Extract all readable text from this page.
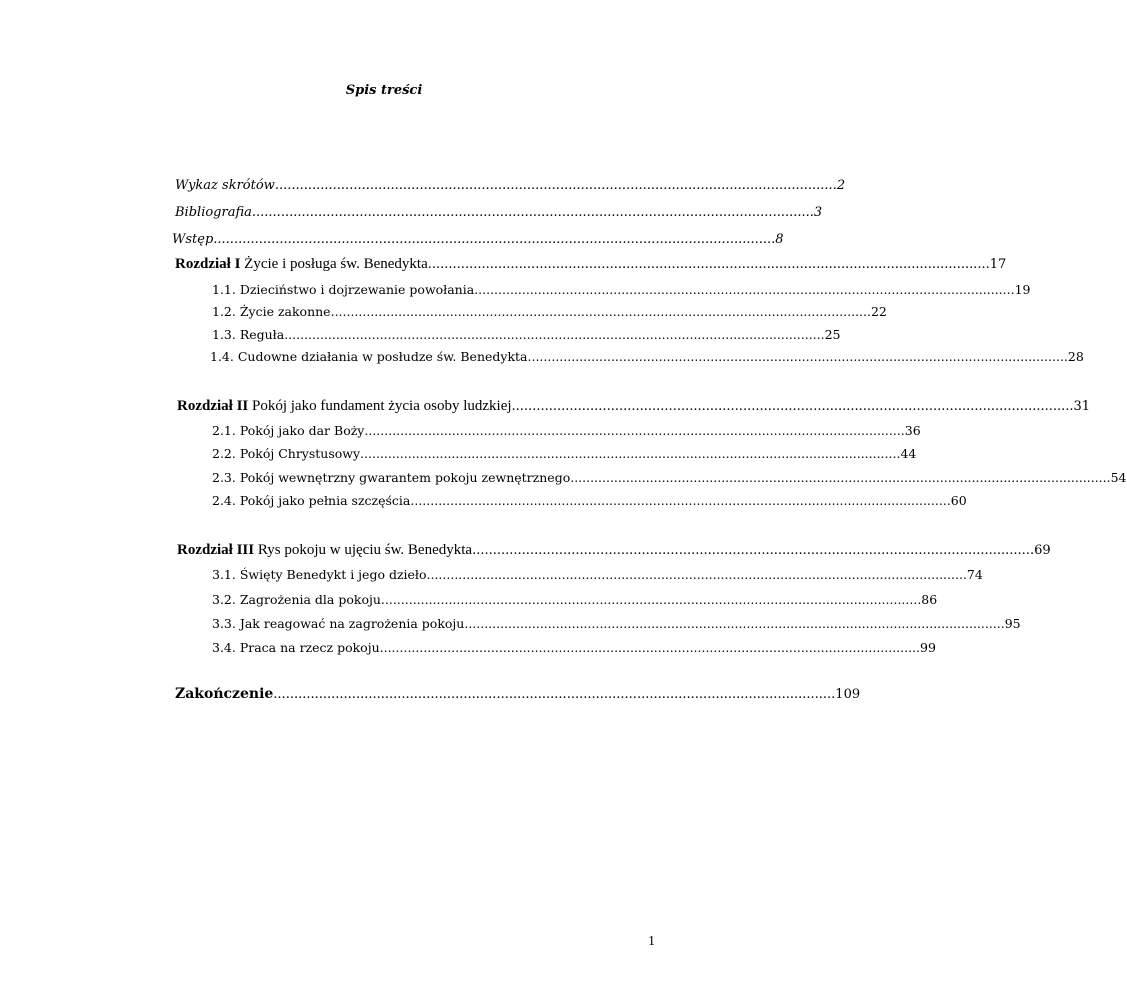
Spis treści
Wykaz skrótów ........................................................................................................................................ 2
Bibliografia ........................................................................................................................................ 3
Wstęp ........................................................................................................................................ 8
Rozdział I Życie i posługa św. Benedykta ........................................................................................................................................ 17
1.1. Dzieciństwo i dojrzewanie powołania ........................................................................................................................................ 19
1.2. Życie zakonne ........................................................................................................................................ 22
1.3. Reguła ........................................................................................................................................ 25
1.4. Cudowne działania w posłudze św. Benedykta ........................................................................................................................................ 28
Rozdział II Pokój jako fundament życia osoby ludzkiej ........................................................................................................................................ 31
2.1. Pokój jako dar Boży ........................................................................................................................................ 36
2.2. Pokój Chrystusowy ........................................................................................................................................ 44
2.3. Pokój wewnętrzny gwarantem pokoju zewnętrznego ........................................................................................................................................ 54
2.4. Pokój jako pełnia szczęścia ........................................................................................................................................ 60
Rozdział III Rys pokoju w ujęciu św. Benedykta ........................................................................................................................................ 69
3.1. Święty Benedykt i jego dzieło ........................................................................................................................................ 74
3.2. Zagrożenia dla pokoju ........................................................................................................................................ 86
3.3. Jak reagować na zagrożenia pokoju ........................................................................................................................................ 95
3.4. Praca na rzecz pokoju ........................................................................................................................................ 99
Zakończenie ........................................................................................................................................ 109
1
